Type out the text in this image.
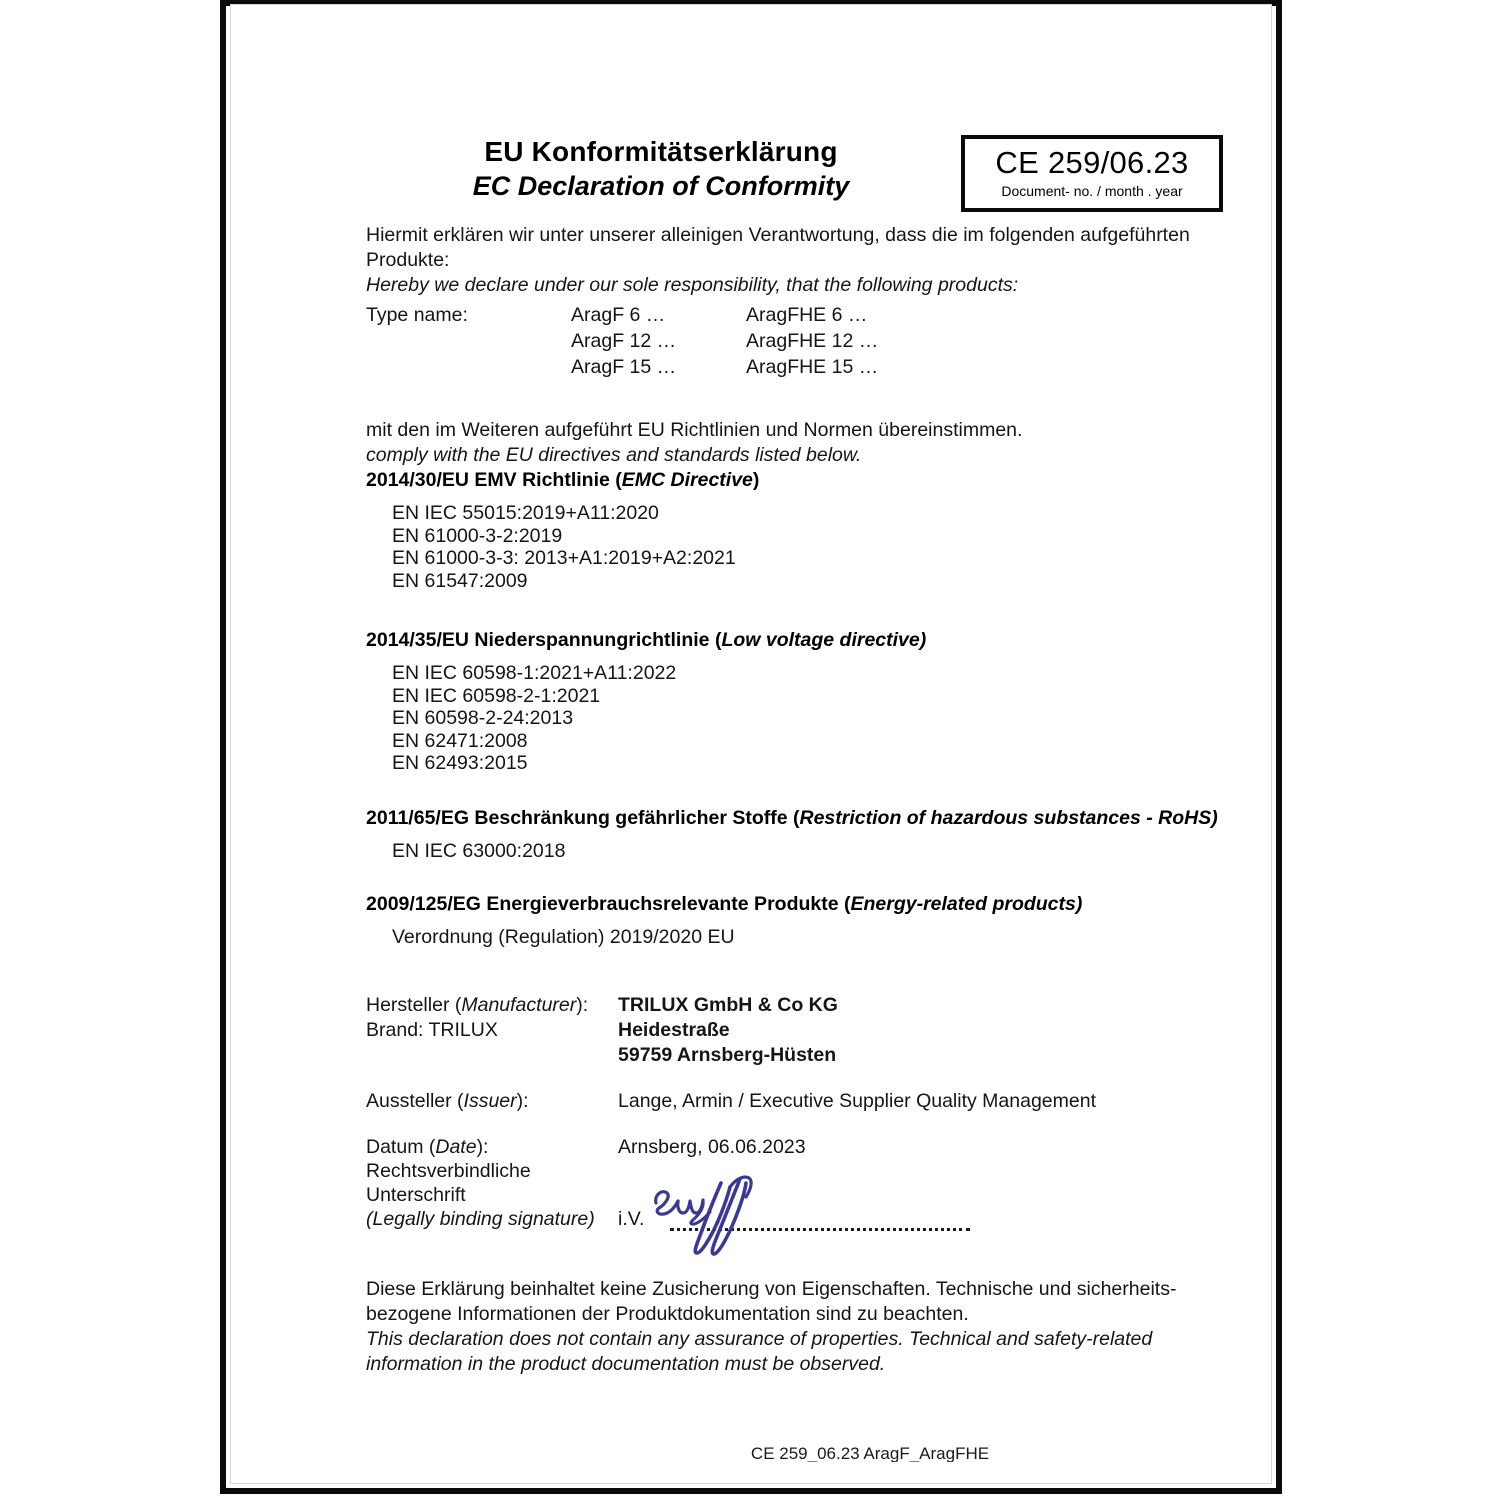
EU Konformitätserklärung
EC Declaration of Conformity
CE 259/06.23
Document- no. / month . year

Hiermit erklären wir unter unserer alleinigen Verantwortung, dass die im folgenden aufgeführten

Produkte:

Hereby we declare under our sole responsibility, that the following products:

Type name:	AragF 6 …	AragFHE 6 …
AragF 12 …	AragFHE 12 …
AragF 15 …	AragFHE 15 …

mit den im Weiteren aufgeführt EU Richtlinien und Normen übereinstimmen.

comply with the EU directives and standards listed below.

2014/30/EU EMV Richtlinie (EMC Directive)
EN IEC 55015:2019+A11:2020
EN 61000-3-2:2019
EN 61000-3-3: 2013+A1:2019+A2:2021
EN 61547:2009
2014/35/EU Niederspannungrichtlinie (Low voltage directive)
EN IEC 60598-1:2021+A11:2022
EN IEC 60598-2-1:2021
EN 60598-2-24:2013
EN 62471:2008
EN 62493:2015
2011/65/EG Beschränkung gefährlicher Stoffe (Restriction of hazardous substances - RoHS)
EN IEC 63000:2018
2009/125/EG Energieverbrauchsrelevante Produkte (Energy-related products)
Verordnung (Regulation) 2019/2020 EU
Hersteller (Manufacturer):	TRILUX GmbH & Co KG
Brand: TRILUX	Heidestraße
59759 Arnsberg-Hüsten
Aussteller (Issuer):	Lange, Armin / Executive Supplier Quality Management
Datum (Date):	Arnsberg, 06.06.2023
Rechtsverbindliche
Unterschrift
(Legally binding signature)	i.V.

Diese Erklärung beinhaltet keine Zusicherung von Eigenschaften. Technische und sicherheits-

bezogene Informationen der Produktdokumentation sind zu beachten.

This declaration does not contain any assurance of properties. Technical and safety-related

information in the product documentation must be observed.

CE 259_06.23 AragF_AragFHE
